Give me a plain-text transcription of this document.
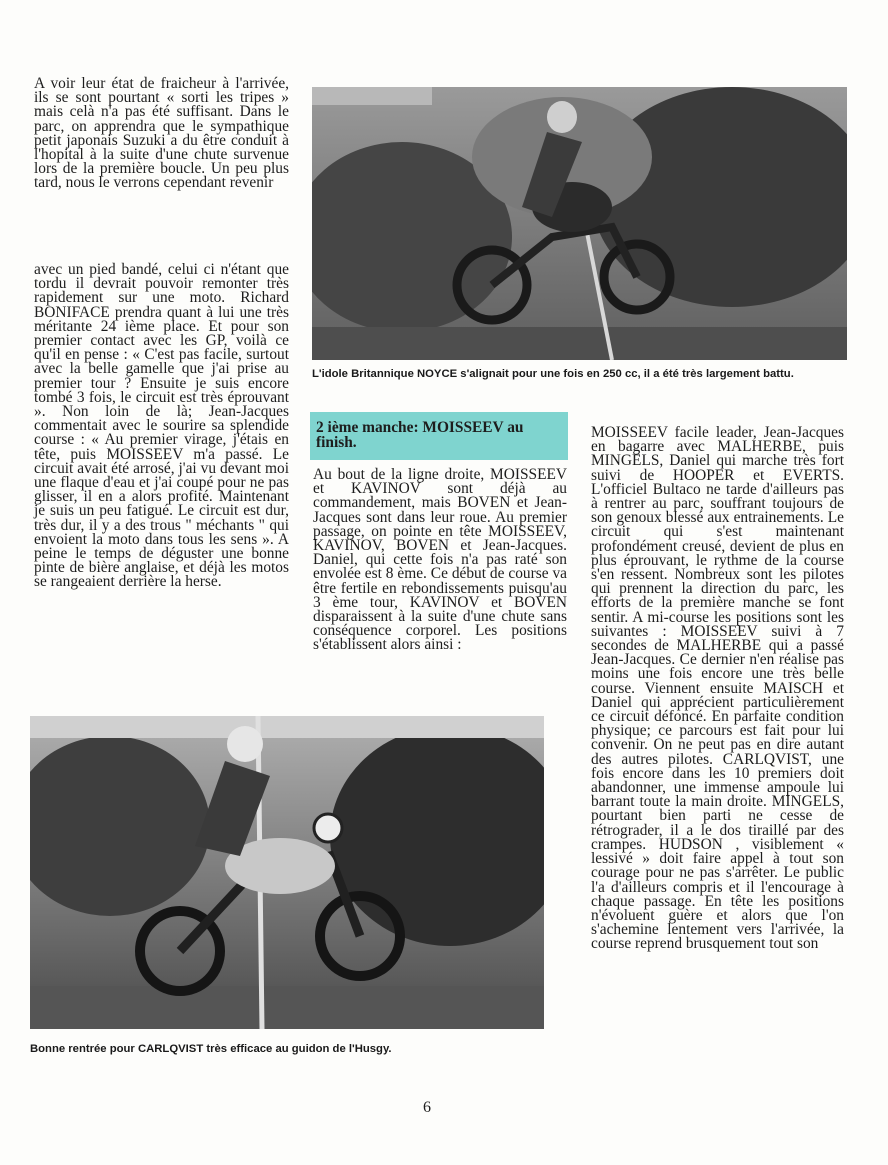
A voir leur état de fraicheur à l'arrivée, ils se sont pourtant « sorti les tripes » mais celà n'a pas été suffisant. Dans le parc, on apprendra que le sympathique petit japonais Suzuki a du être conduit à l'hopital à la suite d'une chute survenue lors de la première boucle. Un peu plus tard, nous le verrons cependant revenir

avec un pied bandé, celui ci n'étant que tordu il devrait pouvoir remonter très rapidement sur une moto. Richard BONIFACE prendra quant à lui une très méritante 24 ième place. Et pour son premier contact avec les GP, voilà ce qu'il en pense : « C'est pas facile, surtout avec la belle gamelle que j'ai prise au premier tour ? Ensuite je suis encore tombé 3 fois, le circuit est très éprouvant ». Non loin de là; Jean-Jacques commentait avec le sourire sa splendide course : « Au premier virage, j'étais en tête, puis MOISSEEV m'a passé. Le circuit avait été arrosé, j'ai vu devant moi une flaque d'eau et j'ai coupé pour ne pas glisser, il en a alors profité. Maintenant je suis un peu fatigué. Le circuit est dur, très dur, il y a des trous " méchants " qui envoient la moto dans tous les sens ». A peine le temps de déguster une bonne pinte de bière anglaise, et déjà les motos se rangeaient derrière la herse.

L'idole Britannique NOYCE s'alignait pour une fois en 250 cc, il a été très largement battu.
2 ième manche: MOISSEEV au finish.

Au bout de la ligne droite, MOISSEEV et KAVINOV sont déjà au commandement, mais BOVEN et Jean-Jacques sont dans leur roue. Au premier passage, on pointe en tête MOISSEEV, KAVINOV, BOVEN et Jean-Jacques. Daniel, qui cette fois n'a pas raté son envolée est 8 ème. Ce début de course va être fertile en rebondissements puisqu'au 3 ème tour, KAVINOV et BOVEN disparaissent à la suite d'une chute sans conséquence corporel. Les positions s'établissent alors ainsi :

MOISSEEV facile leader, Jean-Jacques en bagarre avec MALHERBE, puis MINGELS, Daniel qui marche très fort suivi de HOOPER et EVERTS. L'officiel Bultaco ne tarde d'ailleurs pas à rentrer au parc, souffrant toujours de son genoux blessé aux entrainements. Le circuit qui s'est maintenant profondément creusé, devient de plus en plus éprouvant, le rythme de la course s'en ressent. Nombreux sont les pilotes qui prennent la direction du parc, les efforts de la première manche se font sentir. A mi-course les positions sont les suivantes : MOISSEEV suivi à 7 secondes de MALHERBE qui a passé Jean-Jacques. Ce dernier n'en réalise pas moins une fois encore une très belle course. Viennent ensuite MAISCH et Daniel qui apprécient particulièrement ce circuit défoncé. En parfaite condition physique; ce parcours est fait pour lui convenir. On ne peut pas en dire autant des autres pilotes. CARLQVIST, une fois encore dans les 10 premiers doit abandonner, une immense ampoule lui barrant toute la main droite. MINGELS, pourtant bien parti ne cesse de rétrograder, il a le dos tiraillé par des crampes. HUDSON , visiblement « lessivé » doit faire appel à tout son courage pour ne pas s'arrêter. Le public l'a d'ailleurs compris et il l'encourage à chaque passage. En tête les positions n'évoluent guère et alors que l'on s'achemine lentement vers l'arrivée, la course reprend brusquement tout son

Bonne rentrée pour CARLQVIST très efficace au guidon de l'Husgy.
6
